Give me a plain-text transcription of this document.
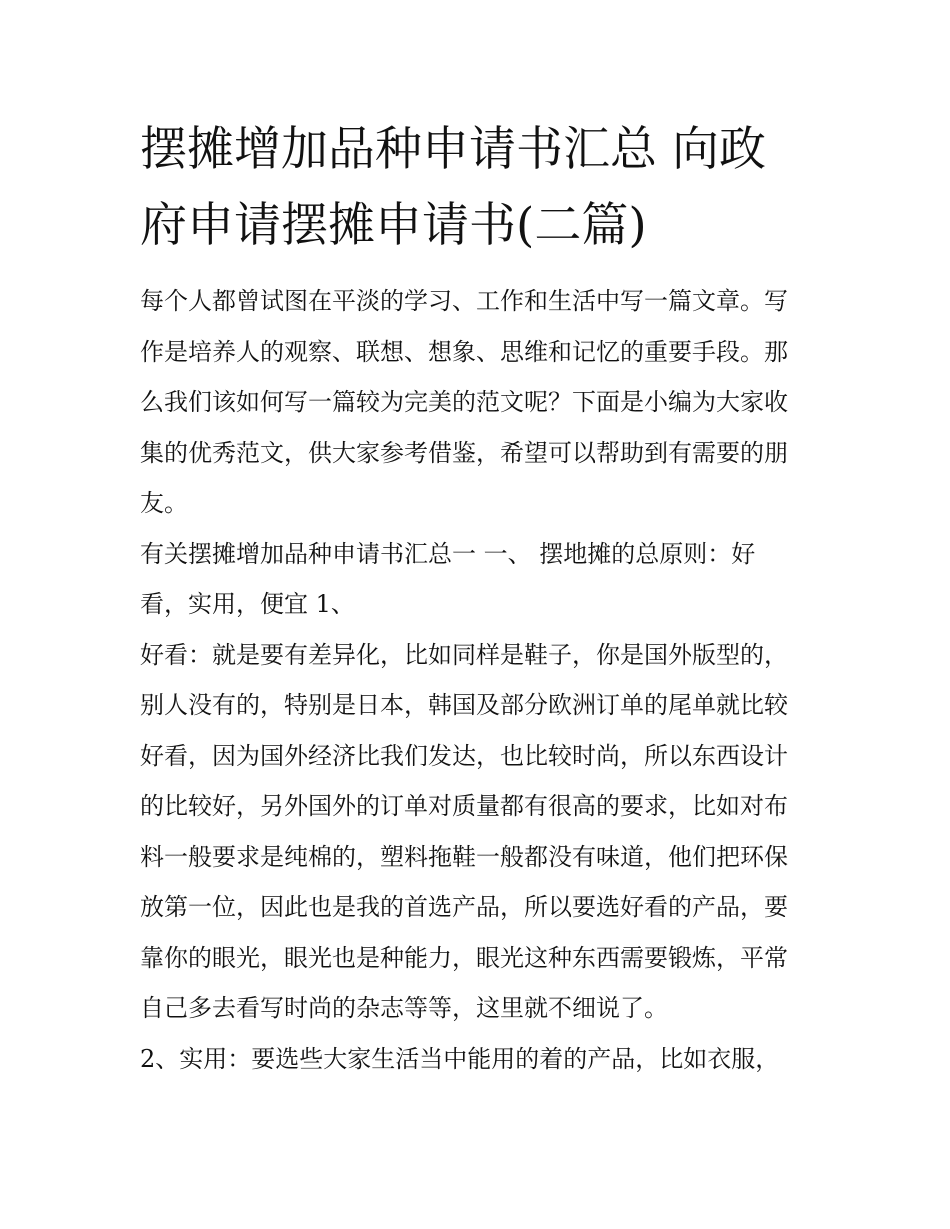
摆摊增加品种申请书汇总 向政
府申请摆摊申请书(二篇)

每个人都曾试图在平淡的学习、工作和生活中写一篇文章。写
作是培养人的观察、联想、想象、思维和记忆的重要手段。那
么我们该如何写一篇较为完美的范文呢？下面是小编为大家收
集的优秀范文，供大家参考借鉴，希望可以帮助到有需要的朋
友。

有关摆摊增加品种申请书汇总一 一、 摆地摊的总原则：好
看，实用，便宜 1、

好看：就是要有差异化，比如同样是鞋子，你是国外版型的，
别人没有的，特别是日本，韩国及部分欧洲订单的尾单就比较
好看，因为国外经济比我们发达，也比较时尚，所以东西设计
的比较好，另外国外的订单对质量都有很高的要求，比如对布
料一般要求是纯棉的，塑料拖鞋一般都没有味道，他们把环保
放第一位，因此也是我的首选产品，所以要选好看的产品，要
靠你的眼光，眼光也是种能力，眼光这种东西需要锻炼，平常
自己多去看写时尚的杂志等等，这里就不细说了。

2、实用：要选些大家生活当中能用的着的产品，比如衣服，
